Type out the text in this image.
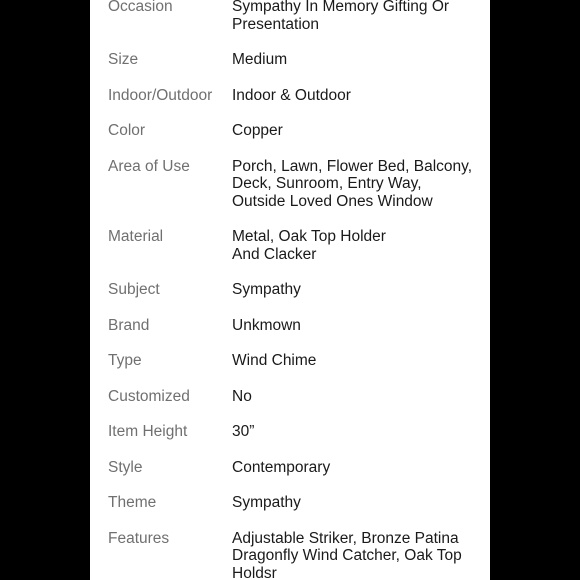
Occasion	Sympathy In Memory Gifting Or
Presentation
Size	Medium
Indoor/Outdoor	Indoor & Outdoor
Color	Copper
Area of Use	Porch, Lawn, Flower Bed, Balcony,
Deck, Sunroom, Entry Way,
Outside Loved Ones Window
Material	Metal, Oak Top Holder
And Clacker
Subject	Sympathy
Brand	Unkmown
Type	Wind Chime
Customized	No
Item Height	30”
Style	Contemporary
Theme	Sympathy
Features	Adjustable Striker, Bronze Patina
Dragonfly Wind Catcher, Oak Top
Holdsr
